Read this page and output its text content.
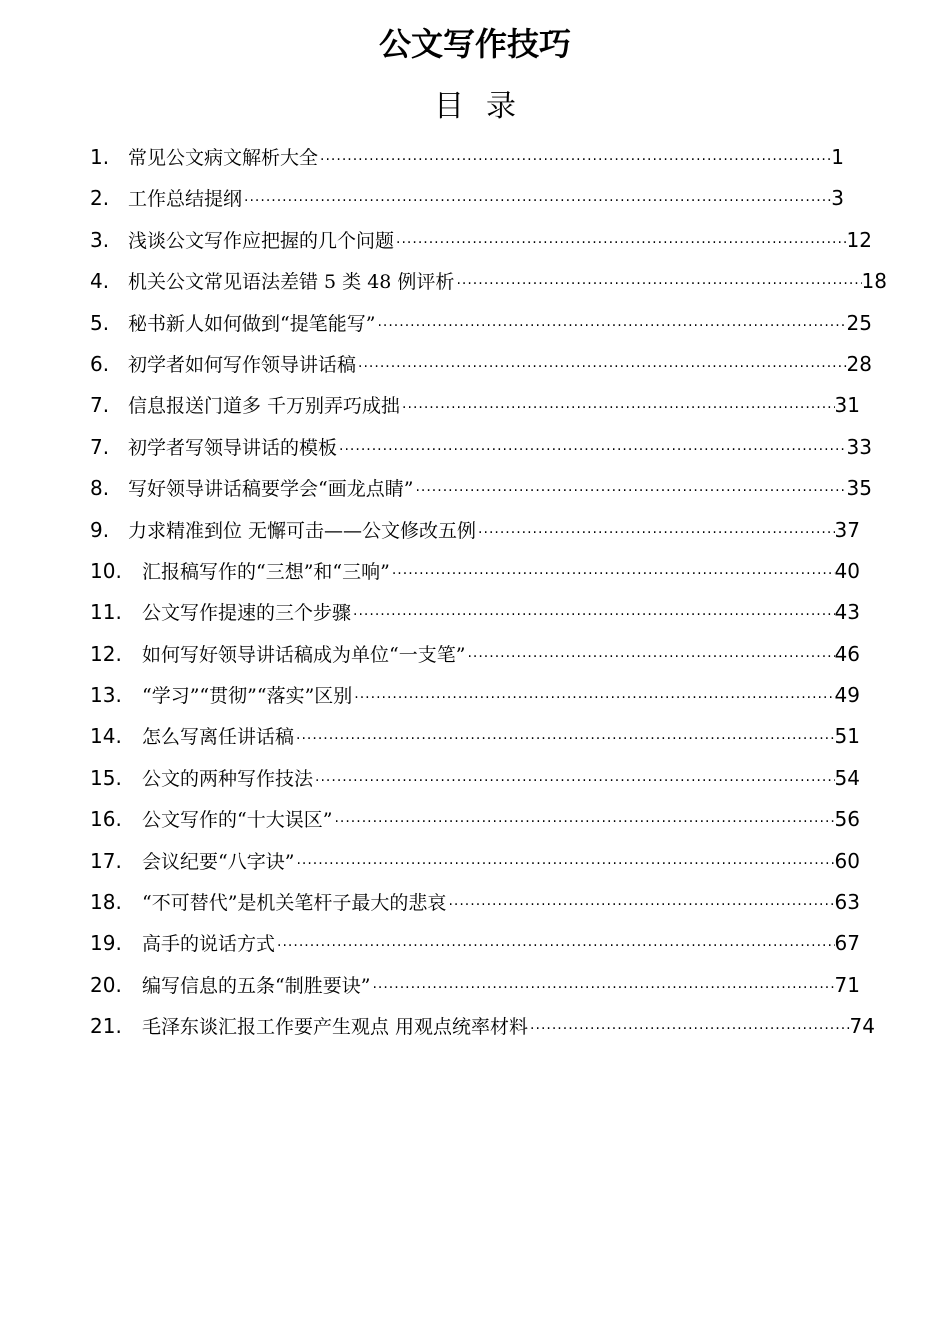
公文写作技巧
目录
1. 常见公文病文解析大全 ·····	1
2. 工作总结提纲 ·····	3
3. 浅谈公文写作应把握的几个问题 ·····	12
4. 机关公文常见语法差错 5 类 48 例评析 ·····	18
5. 秘书新人如何做到“提笔能写” ·····	25
6. 初学者如何写作领导讲话稿 ·····	28
7. 信息报送门道多 千万别弄巧成拙 ·····	31
7. 初学者写领导讲话的模板 ·····	33
8. 写好领导讲话稿要学会“画龙点睛” ·····	35
9. 力求精准到位 无懈可击——公文修改五例 ·····	37
10.	汇报稿写作的“三想”和“三响” ·····	40
11.	公文写作提速的三个步骤 ·····	43
12.	如何写好领导讲话稿成为单位“一支笔” ·····	46
13.	“学习”“贯彻”“落实”区别 ·····	49
14.	怎么写离任讲话稿 ·····	51
15.	公文的两种写作技法 ·····	54
16.	公文写作的“十大误区” ·····	56
17.	会议纪要“八字诀” ·····	60
18.	“不可替代”是机关笔杆子最大的悲哀 ·····	63
19.	高手的说话方式 ·····	67
20.	编写信息的五条“制胜要诀” ·····	71
21.	毛泽东谈汇报工作要产生观点 用观点统率材料 ·····	74
